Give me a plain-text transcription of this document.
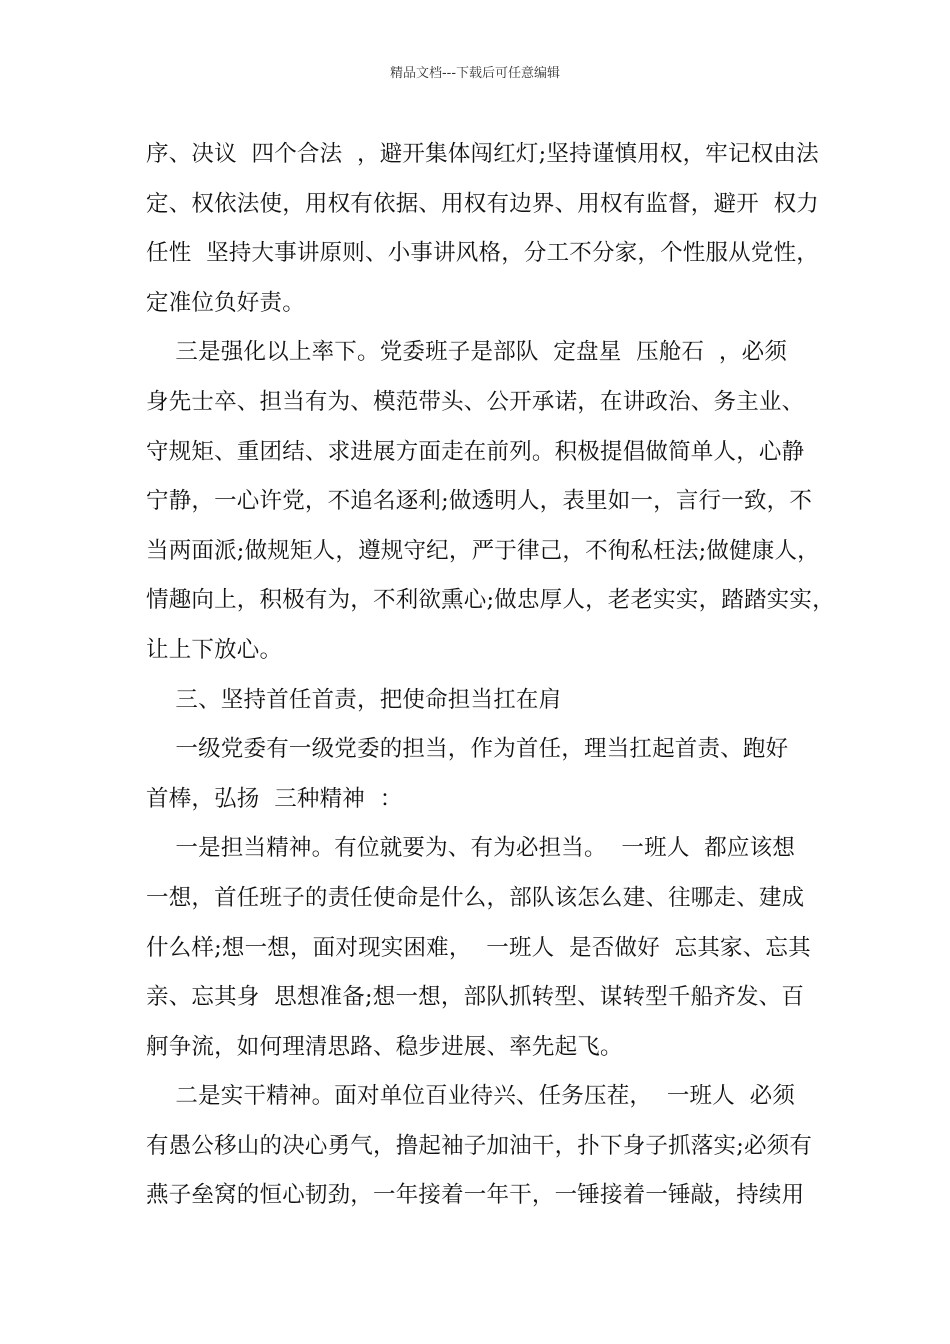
精品文档---下载后可任意编辑
序、决议  四个合法  ，避开集体闯红灯;坚持谨慎用权，牢记权由法
定、权依法使，用权有依据、用权有边界、用权有监督，避开  权力
任性  坚持大事讲原则、小事讲风格，分工不分家，个性服从党性，
定准位负好责。
三是强化以上率下。党委班子是部队  定盘星  压舱石  ，必须
身先士卒、担当有为、模范带头、公开承诺，在讲政治、务主业、
守规矩、重团结、求进展方面走在前列。积极提倡做简单人，心静
宁静，一心许党，不追名逐利;做透明人，表里如一，言行一致，不
当两面派;做规矩人，遵规守纪，严于律己，不徇私枉法;做健康人，
情趣向上，积极有为，不利欲熏心;做忠厚人，老老实实，踏踏实实，
让上下放心。
三、坚持首任首责，把使命担当扛在肩
一级党委有一级党委的担当，作为首任，理当扛起首责、跑好
首棒，弘扬  三种精神  ：
一是担当精神。有位就要为、有为必担当。  一班人  都应该想
一想，首任班子的责任使命是什么，部队该怎么建、往哪走、建成
什么样;想一想，面对现实困难，  一班人  是否做好  忘其家、忘其
亲、忘其身  思想准备;想一想，部队抓转型、谋转型千船齐发、百
舸争流，如何理清思路、稳步进展、率先起飞。
二是实干精神。面对单位百业待兴、任务压茬，  一班人  必须
有愚公移山的决心勇气，撸起袖子加油干，扑下身子抓落实;必须有
燕子垒窝的恒心韧劲，一年接着一年干，一锤接着一锤敲，持续用
